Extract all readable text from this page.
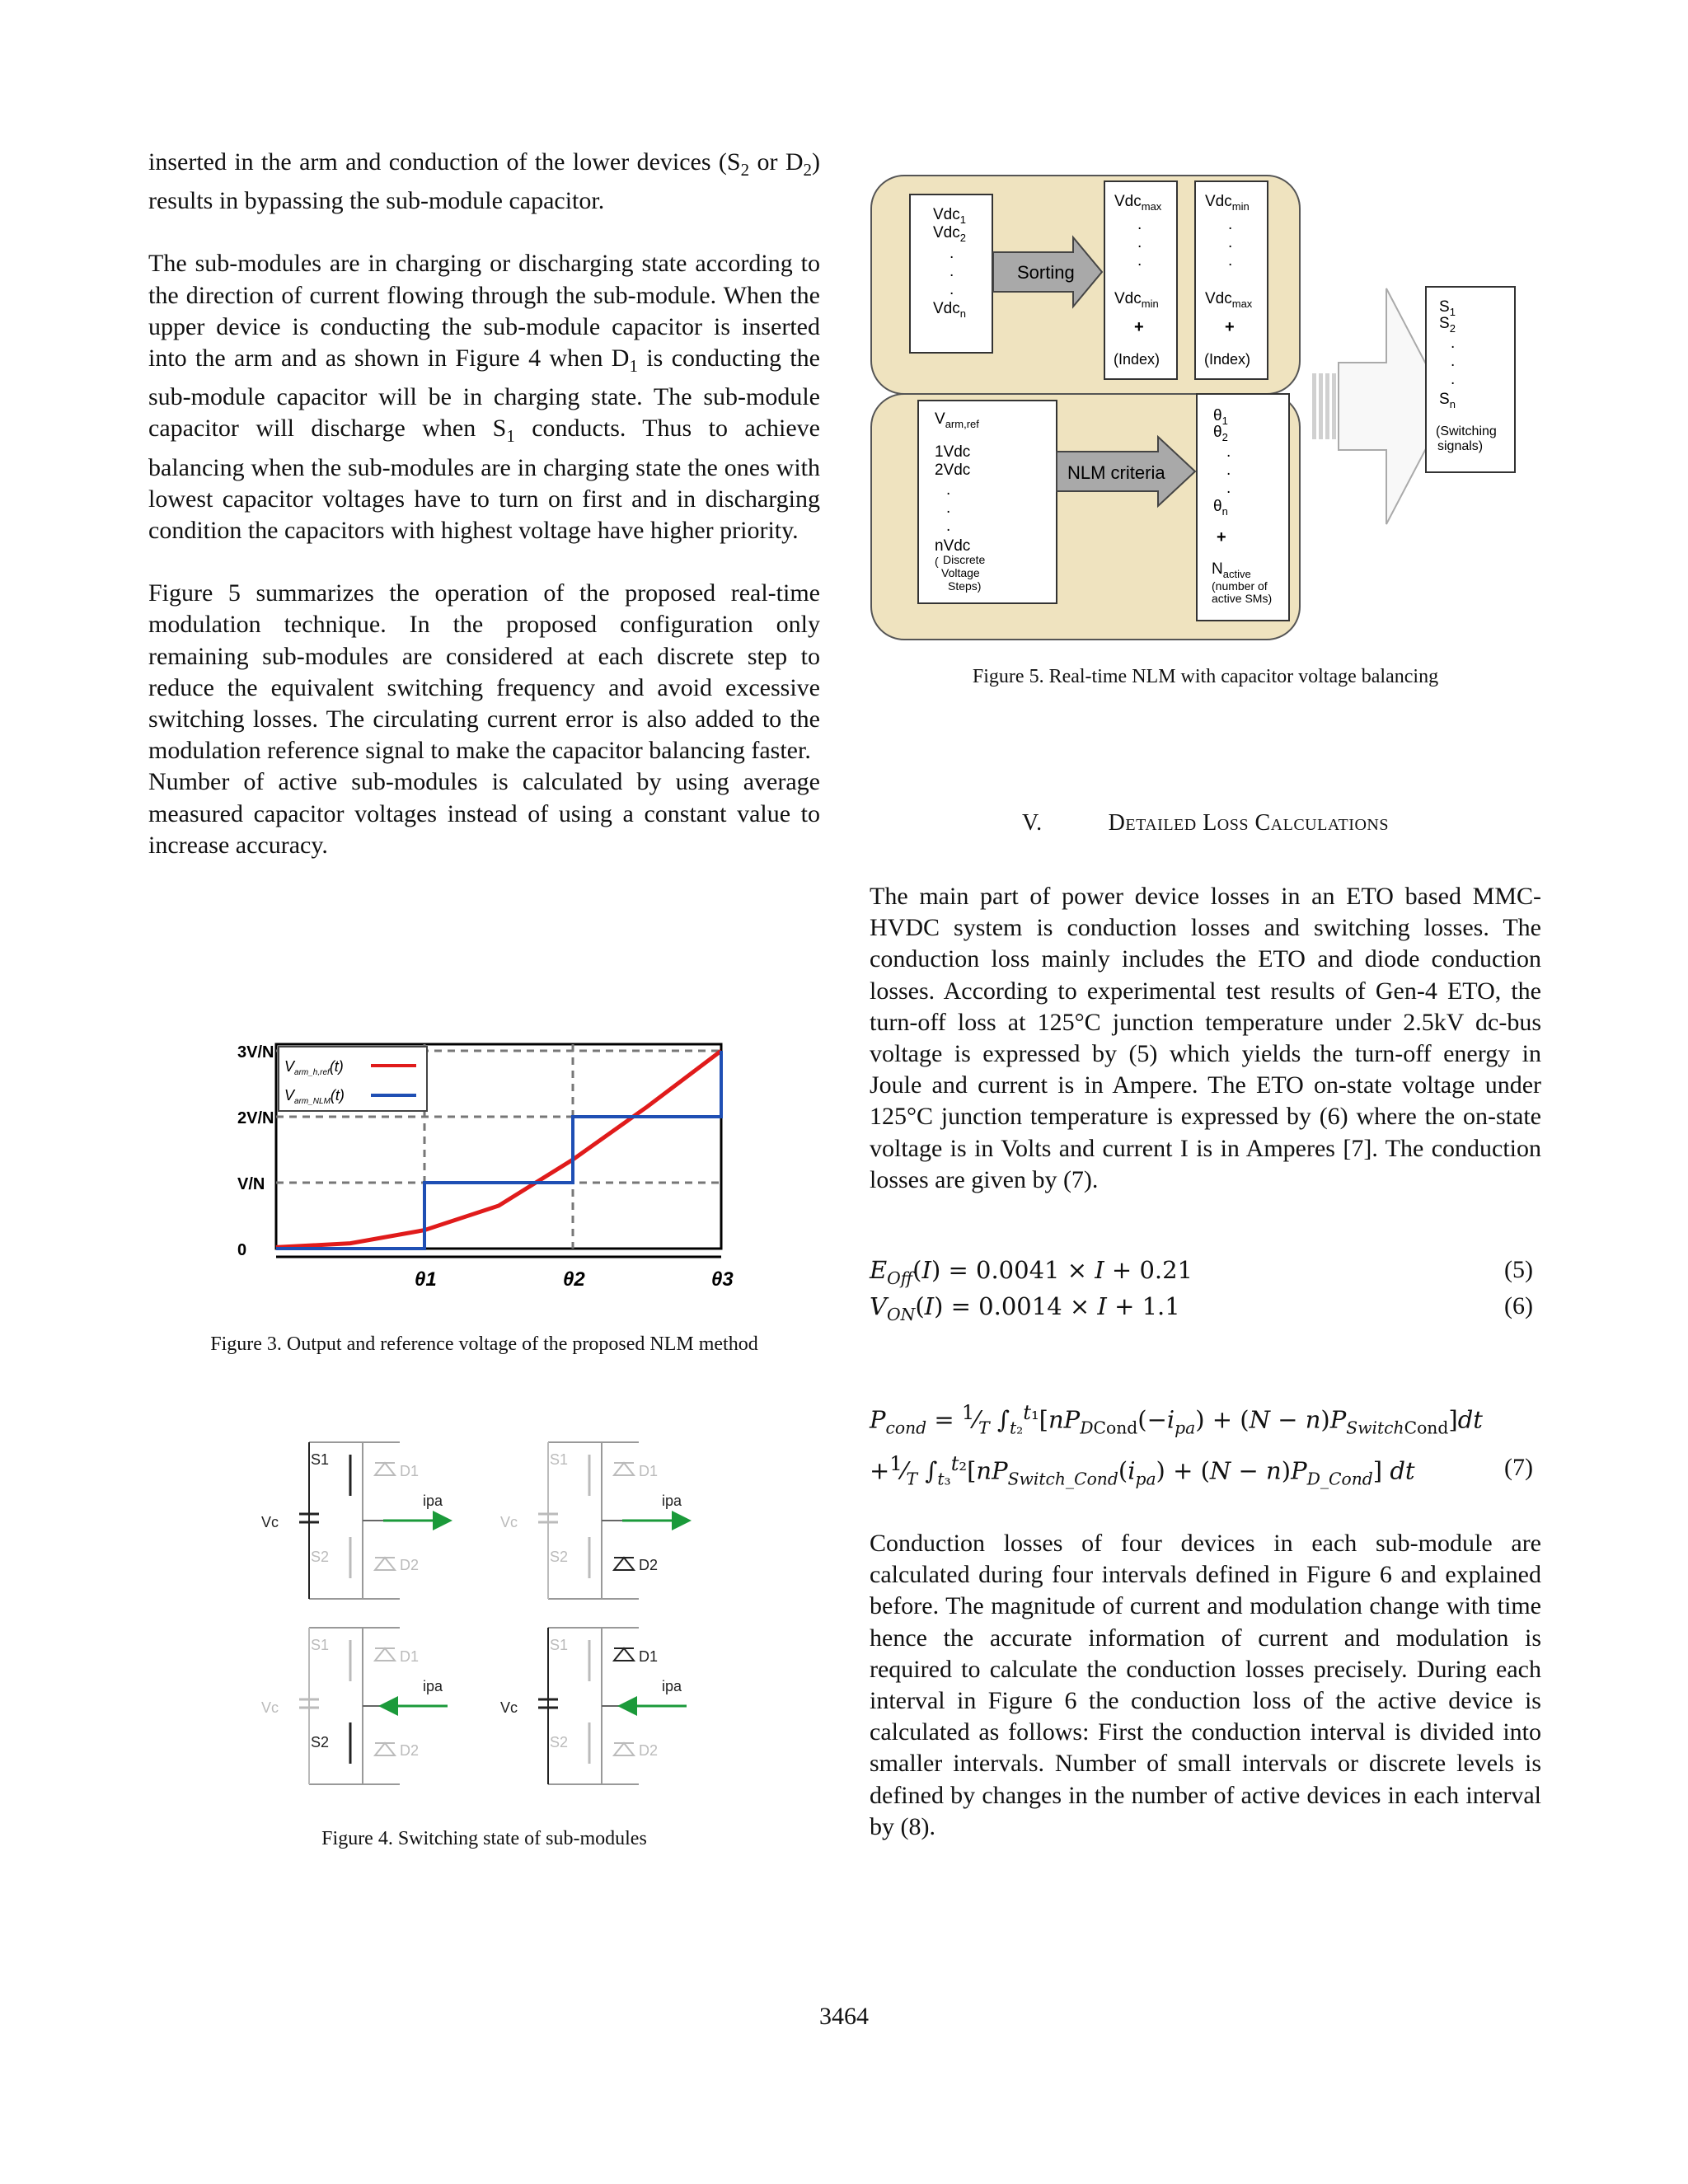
inserted in the arm and conduction of the lower devices ($S_2$ or $D_2$) results in bypassing the sub-module capacitor.

The sub-modules are in charging or discharging state according to the direction of current flowing through the sub-module. When the upper device is conducting the sub-module capacitor is inserted into the arm and as shown in Figure 4 when $D_1$ is conducting the sub-module capacitor will be in charging state. The sub-module capacitor will discharge when $S_1$ conducts. Thus to achieve balancing when the sub-modules are in charging state the ones with lowest capacitor voltages have to turn on first and in discharging condition the capacitors with highest voltage have higher priority.

Figure 5 summarizes the operation of the proposed real-time modulation technique. In the proposed configuration only remaining sub-modules are considered at each discrete step to reduce the equivalent switching frequency and avoid excessive switching losses. The circulating current error is also added to the modulation reference signal to make the capacitor balancing faster.

Number of active sub-modules is calculated by using average measured capacitor voltages instead of using a constant value to increase accuracy.

0
V/N
2V/N
3V/N
θ1	θ2	θ3
$V_{arm\_h,ref}(t)$
$V_{arm\_NLM}(t)$
Figure 3. Output and reference voltage of the proposed NLM method
Vc
S1
S2
D1
D2
ipa
Vc
S1
S2
D1
D2
ipa
Vc
S1
S2
D1
D2
ipa
Vc
S1
S2
D1
D2
ipa
Figure 4. Switching state of sub-modules
Vdc$_1$
Vdc$_2$
.
.
.
Vdc$_n$
Sorting
Vdc$_{max}$	Vdc$_{min}$
.
.
.
.
.
.
Vdc$_{min}$	Vdc$_{max}$
+	+
(Index)	(Index)
$V_{arm,ref}$
1Vdc
2Vdc
.
.
.
nVdc
( Discrete
Voltage
Steps)
NLM criteria
$\theta_1$
$\theta_2$
.
.
.
$\theta_n$
+
$N_{active}$
(number of
active SMs)
$S_1$
$S_2$
.
.
.
$S_n$
(Switching
signals)
Figure 5. Real-time NLM with capacitor voltage balancing
V.	Detailed Loss Calculations

The main part of power device losses in an ETO based MMC-HVDC system is conduction losses and switching losses. The conduction loss mainly includes the ETO and diode conduction losses. According to experimental test results of Gen-4 ETO, the turn-off loss at 125°C junction temperature under 2.5kV dc-bus voltage is expressed by (5) which yields the turn-off energy in Joule and current is in Ampere. The ETO on-state voltage under 125°C junction temperature is expressed by (6) where the on-state voltage is in Volts and current I is in Amperes [7]. The conduction losses are given by (7).

$E_{Off}(I) = 0.0041 \times I + 0.21$	(5)
$V_{ON}(I) = 0.0014 \times I + 1.1$	(6)
$P_{cond}$ = $^1⁄_T$ $\int_{t_2}^{t_1}[nP_{DCond}(-i_{pa}) + (N - n)P_{SwitchCond}]dt$
$+^1⁄_T$ $\int_{t_3}^{t_2}[nP_{Switch\_Cond}(i_{pa}) + (N - n)P_{D\_Cond}]$ dt	(7)

Conduction losses of four devices in each sub-module are calculated during four intervals defined in Figure 6 and explained before. The magnitude of current and modulation change with time hence the accurate information of current and modulation is required to calculate the conduction losses precisely. During each interval in Figure 6 the conduction loss of the active device is calculated as follows: First the conduction interval is divided into smaller intervals. Number of small intervals or discrete levels is defined by changes in the number of active devices in each interval by (8).

3464
